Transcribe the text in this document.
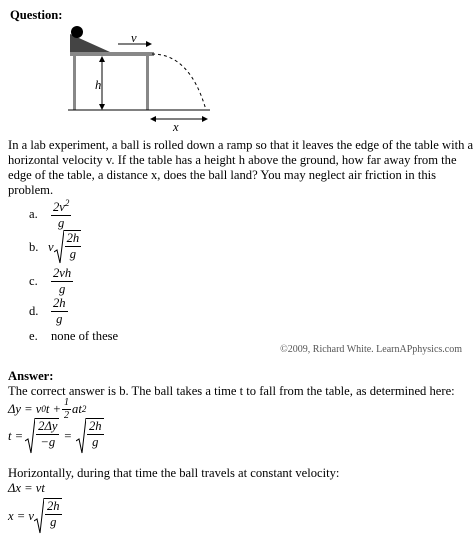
Question:
v
h
x
In a lab experiment, a ball is rolled down a ramp so that it leaves the edge of the table with a
horizontal velocity v. If the table has a height h above the ground, how far away from the
edge of the table, a distance x, does the ball land? You may neglect air friction in this
problem.
a.	$\frac{2v^2}{g}$
b. v $\frac{2h}{g}$
c.	$\frac{2vh}{g}$
d. $\frac{2h}{g}$
e.	none of these
©2009, Richard White. LearnAPphysics.com
Answer:
The correct answer is b. The ball takes a time t to fall from the table, as determined here:
Δy = v 0 $t + \frac{1}{2}$ at 2
$t = \frac{2\Delta y}{-g} = \frac{2h}{g}$
Horizontally, during that time the ball travels at constant velocity:
Δx = vt
x = v $\frac{2h}{g}$
